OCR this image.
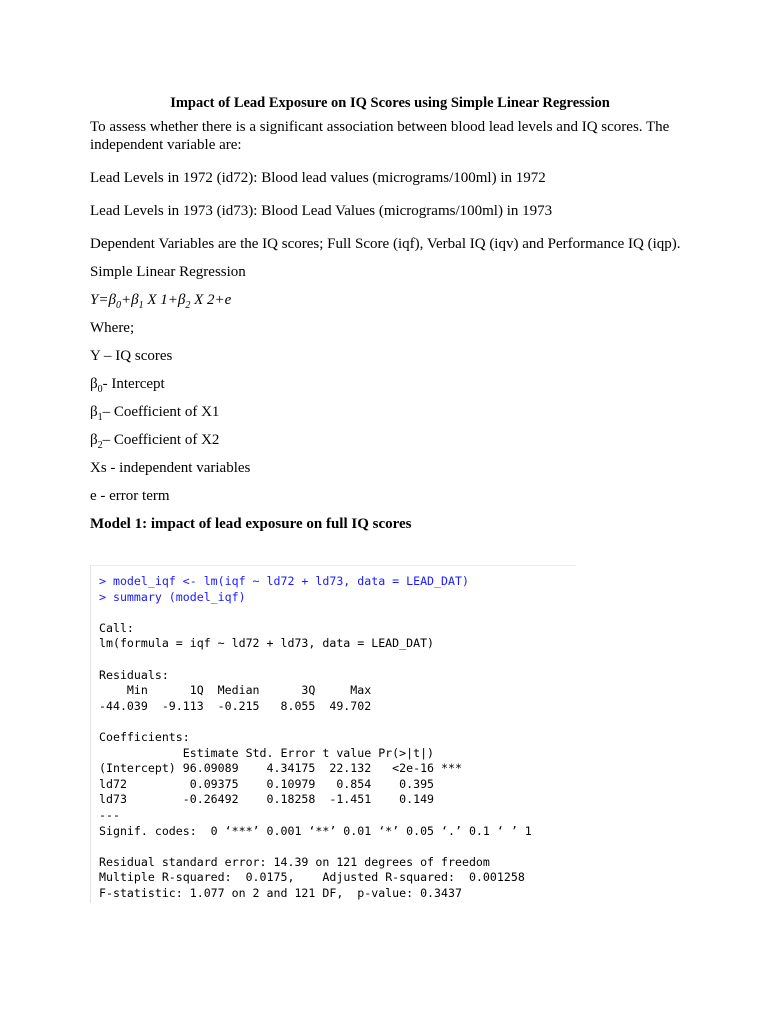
Impact of Lead Exposure on IQ Scores using Simple Linear Regression

To assess whether there is a significant association between blood lead levels and IQ scores. The independent variable are:

Lead Levels in 1972 (id72): Blood lead values (micrograms/100ml) in 1972

Lead Levels in 1973 (id73): Blood Lead Values (micrograms/100ml) in 1973

Dependent Variables are the IQ scores; Full Score (iqf), Verbal IQ (iqv) and Performance IQ (iqp).

Simple Linear Regression

$Y=\beta_0+\beta_1$ X $1+\beta_2$ X 2+e

Where;

Y – IQ scores

$\beta_0-$ Intercept

$\beta_1-$ Coefficient of X1

$\beta_2-$ Coefficient of X2

Xs - independent variables

e - error term

Model 1: impact of lead exposure on full IQ scores

> model_iqf <- lm(iqf ~ ld72 + ld73, data = LEAD_DAT)
> summary (model_iqf)
Call:
lm(formula = iqf ~ ld72 + ld73, data = LEAD_DAT)
Residuals:
Min      1Q  Median      3Q     Max
-44.039  -9.113  -0.215   8.055  49.702
Coefficients:
Estimate Std. Error t value Pr(>|t|)
(Intercept) 96.09089    4.34175  22.132   <2e-16 ***
ld72         0.09375    0.10979   0.854    0.395
ld73        -0.26492    0.18258  -1.451    0.149
---
Signif. codes:  0 ‘***’ 0.001 ‘**’ 0.01 ‘*’ 0.05 ‘.’ 0.1 ‘ ’ 1
Residual standard error: 14.39 on 121 degrees of freedom
Multiple R-squared:  0.0175,	Adjusted R-squared:  0.001258
F-statistic: 1.077 on 2 and 121 DF,  p-value: 0.3437
